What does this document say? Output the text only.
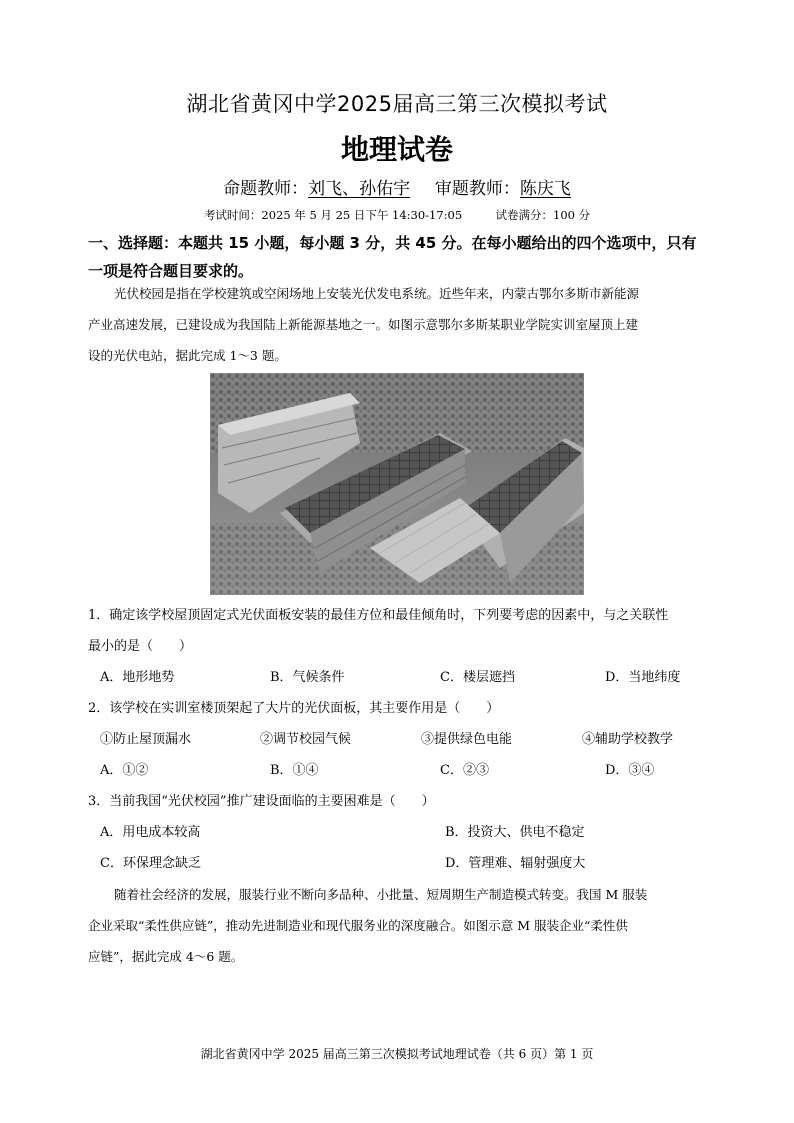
湖北省黄冈中学2025届高三第三次模拟考试
地理试卷
命题教师：刘飞、孙佑宇 审题教师：陈庆飞
考试时间：2025 年 5 月 25 日下午 14:30-17:05	试卷满分：100 分
一、选择题：本题共 15 小题，每小题 3 分，共 45 分。在每小题给出的四个选项中，只有
一项是符合题目要求的。
光伏校园是指在学校建筑或空闲场地上安装光伏发电系统。近些年来，内蒙古鄂尔多斯市新能源
产业高速发展，已建设成为我国陆上新能源基地之一。如图示意鄂尔多斯某职业学院实训室屋顶上建
设的光伏电站，据此完成 1～3 题。
1．确定该学校屋顶固定式光伏面板安装的最佳方位和最佳倾角时，下列要考虑的因素中，与之关联性
最小的是（　　）
A．地形地势	B．气候条件	C．楼层遮挡	D．当地纬度
2．该学校在实训室楼顶架起了大片的光伏面板，其主要作用是（　　）
①防止屋顶漏水	②调节校园气候	③提供绿色电能	④辅助学校教学
A．①②	B．①④	C．②③	D．③④
3．当前我国“光伏校园”推广建设面临的主要困难是（　　）
A．用电成本较高	B．投资大、供电不稳定
C．环保理念缺乏	D．管理难、辐射强度大
随着社会经济的发展，服装行业不断向多品种、小批量、短周期生产制造模式转变。我国 M 服装
企业采取“柔性供应链”，推动先进制造业和现代服务业的深度融合。如图示意 M 服装企业“柔性供
应链”，据此完成 4～6 题。
湖北省黄冈中学 2025 届高三第三次模拟考试地理试卷（共 6 页）第 1 页
